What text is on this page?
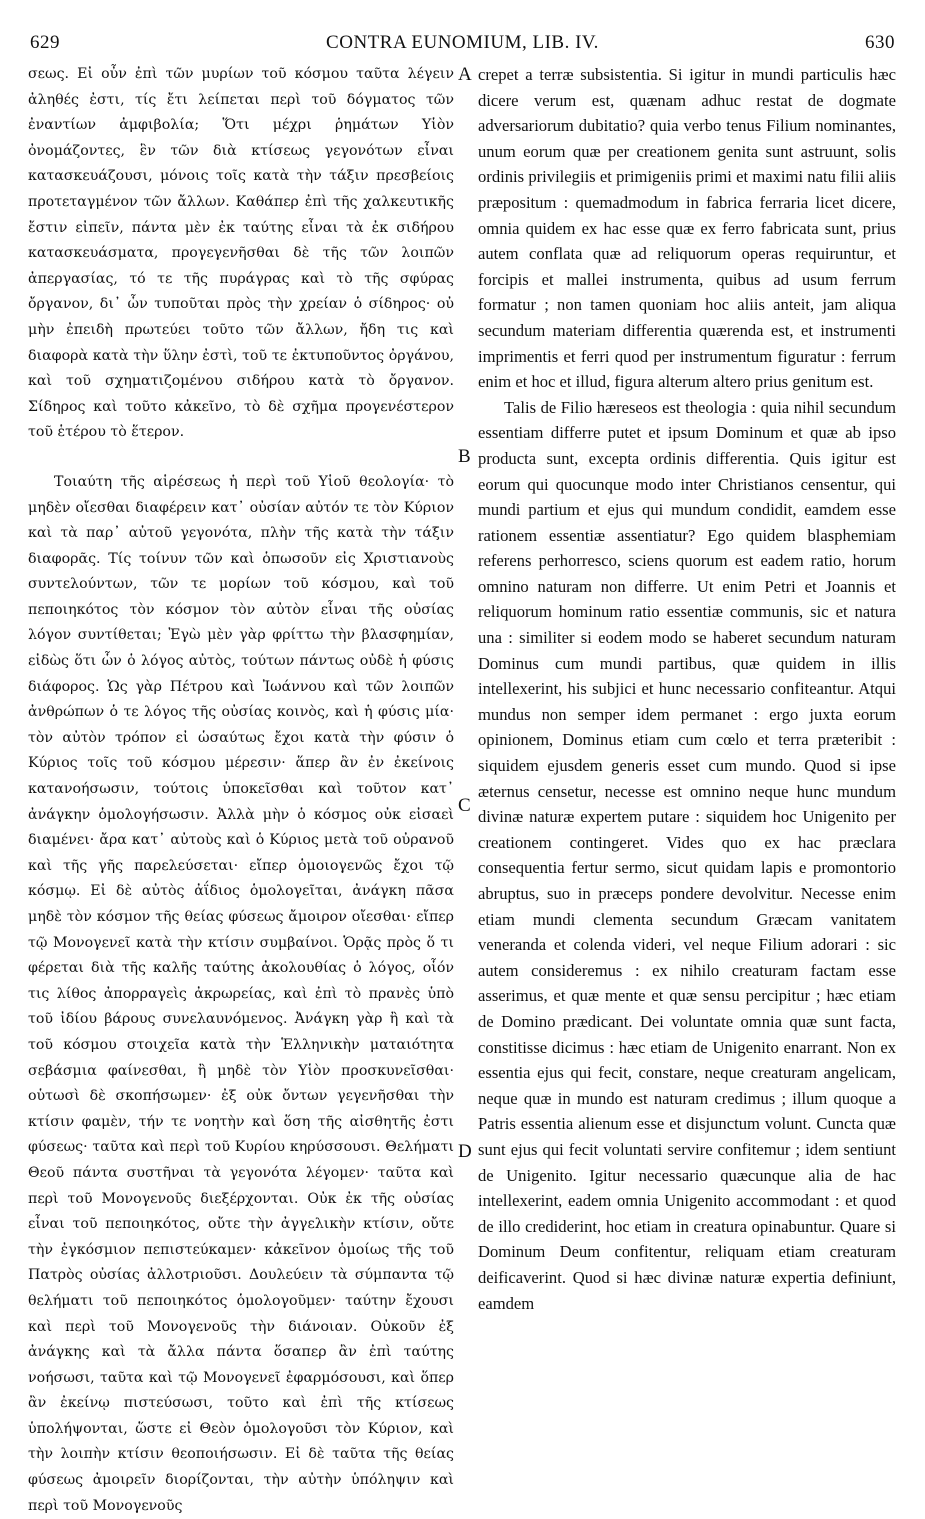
629	CONTRA EUNOMIUM, LIB. IV.	630

σεως. Εἰ οὖν ἐπὶ τῶν μυρίων τοῦ κόσμου ταῦτα λέγειν ἀληθές ἐστι, τίς ἔτι λείπεται περὶ τοῦ δόγματος τῶν ἐναντίων ἀμφιβολία; Ὅτι μέχρι ῥημάτων Υἱὸν ὀνομάζοντες, ἓν τῶν διὰ κτίσεως γεγονότων εἶναι κατασκευάζουσι, μόνοις τοῖς κατὰ τὴν τάξιν πρεσβείοις προτεταγμένον τῶν ἄλλων. Καθάπερ ἐπὶ τῆς χαλκευτικῆς ἔστιν εἰπεῖν, πάντα μὲν ἐκ ταύτης εἶναι τὰ ἐκ σιδήρου κατασκευάσματα, προγεγενῆσθαι δὲ τῆς τῶν λοιπῶν ἀπεργασίας, τό τε τῆς πυράγρας καὶ τὸ τῆς σφύρας ὄργανον, δι᾽ ὧν τυποῦται πρὸς τὴν χρείαν ὁ σίδηρος· οὐ μὴν ἐπειδὴ πρωτεύει τοῦτο τῶν ἄλλων, ἤδη τις καὶ διαφορὰ κατὰ τὴν ὕλην ἐστὶ, τοῦ τε ἐκτυποῦντος ὀργάνου, καὶ τοῦ σχηματιζομένου σιδήρου κατὰ τὸ ὄργανον. Σίδηρος καὶ τοῦτο κἀκεῖνο, τὸ δὲ σχῆμα προγενέστερον τοῦ ἑτέρου τὸ ἕτερον.

Τοιαύτη τῆς αἱρέσεως ἡ περὶ τοῦ Υἱοῦ θεολογία· τὸ μηδὲν οἴεσθαι διαφέρειν κατ᾽ οὐσίαν αὐτόν τε τὸν Κύριον καὶ τὰ παρ᾽ αὐτοῦ γεγονότα, πλὴν τῆς κατὰ τὴν τάξιν διαφορᾶς. Τίς τοίνυν τῶν καὶ ὁπωσοῦν εἰς Χριστιανοὺς συντελούντων, τῶν τε μορίων τοῦ κόσμου, καὶ τοῦ πεποιηκότος τὸν κόσμον τὸν αὐτὸν εἶναι τῆς οὐσίας λόγον συντίθεται; Ἐγὼ μὲν γὰρ φρίττω τὴν βλασφημίαν, εἰδὼς ὅτι ὧν ὁ λόγος αὐτὸς, τούτων πάντως οὐδὲ ἡ φύσις διάφορος. Ὡς γὰρ Πέτρου καὶ Ἰωάννου καὶ τῶν λοιπῶν ἀνθρώπων ὁ τε λόγος τῆς οὐσίας κοινὸς, καὶ ἡ φύσις μία· τὸν αὐτὸν τρόπον εἰ ὡσαύτως ἔχοι κατὰ τὴν φύσιν ὁ Κύριος τοῖς τοῦ κόσμου μέρεσιν· ἅπερ ἂν ἐν ἐκείνοις κατανοήσωσιν, τούτοις ὑποκεῖσθαι καὶ τοῦτον κατ᾽ ἀνάγκην ὁμολογήσωσιν. Ἀλλὰ μὴν ὁ κόσμος οὐκ εἰσαεὶ διαμένει· ἄρα κατ᾽ αὐτοὺς καὶ ὁ Κύριος μετὰ τοῦ οὐρανοῦ καὶ τῆς γῆς παρελεύσεται· εἴπερ ὁμοιογενῶς ἔχοι τῷ κόσμῳ. Εἰ δὲ αὐτὸς ἀΐδιος ὁμολογεῖται, ἀνάγκη πᾶσα μηδὲ τὸν κόσμον τῆς θείας φύσεως ἄμοιρον οἴεσθαι· εἴπερ τῷ Μονογενεῖ κατὰ τὴν κτίσιν συμβαίνοι. Ὁρᾷς πρὸς ὅ τι φέρεται διὰ τῆς καλῆς ταύτης ἀκολουθίας ὁ λόγος, οἷόν τις λίθος ἀπορραγεὶς ἀκρωρείας, καὶ ἐπὶ τὸ πρανὲς ὑπὸ τοῦ ἰδίου βάρους συνελαυνόμενος. Ἀνάγκη γὰρ ἢ καὶ τὰ τοῦ κόσμου στοιχεῖα κατὰ τὴν Ἑλληνικὴν ματαιότητα σεβάσμια φαίνεσθαι, ἢ μηδὲ τὸν Υἱὸν προσκυνεῖσθαι· οὑτωσὶ δὲ σκοπήσωμεν· ἐξ οὐκ ὄντων γεγενῆσθαι τὴν κτίσιν φαμὲν, τήν τε νοητὴν καὶ ὅση τῆς αἰσθητῆς ἐστι φύσεως· ταῦτα καὶ περὶ τοῦ Κυρίου κηρύσσουσι. Θελήματι Θεοῦ πάντα συστῆναι τὰ γεγονότα λέγομεν· ταῦτα καὶ περὶ τοῦ Μονογενοῦς διεξέρχονται. Οὐκ ἐκ τῆς οὐσίας εἶναι τοῦ πεποιηκότος, οὔτε τὴν ἀγγελικὴν κτίσιν, οὔτε τὴν ἐγκόσμιον πεπιστεύκαμεν· κἀκεῖνον ὁμοίως τῆς τοῦ Πατρὸς οὐσίας ἀλλοτριοῦσι. Δουλεύειν τὰ σύμπαντα τῷ θελήματι τοῦ πεποιηκότος ὁμολογοῦμεν· ταύτην ἔχουσι καὶ περὶ τοῦ Μονογενοῦς τὴν διάνοιαν. Οὐκοῦν ἐξ ἀνάγκης καὶ τὰ ἄλλα πάντα ὅσαπερ ἂν ἐπὶ ταύτης νοήσωσι, ταῦτα καὶ τῷ Μονογενεῖ ἐφαρμόσουσι, καὶ ὅπερ ἂν ἐκείνῳ πιστεύσωσι, τοῦτο καὶ ἐπὶ τῆς κτίσεως ὑπολήψονται, ὥστε εἰ Θεὸν ὁμολογοῦσι τὸν Κύριον, καὶ τὴν λοιπὴν κτίσιν θεοποιήσωσιν. Εἰ δὲ ταῦτα τῆς θείας φύσεως ἀμοιρεῖν διορίζονται, τὴν αὐτὴν ὑπόληψιν καὶ περὶ τοῦ Μονογενοῦς

crepet a terræ subsistentia. Si igitur in mundi particulis hæc dicere verum est, quænam adhuc restat de dogmate adversariorum dubitatio? quia verbo tenus Filium nominantes, unum eorum quæ per creationem genita sunt astruunt, solis ordinis privilegiis et primigeniis primi et maximi natu filii aliis præpositum : quemadmodum in fabrica ferraria licet dicere, omnia quidem ex hac esse quæ ex ferro fabricata sunt, prius autem conflata quæ ad reliquorum operas requiruntur, et forcipis et mallei instrumenta, quibus ad usum ferrum formatur ; non tamen quoniam hoc aliis anteit, jam aliqua secundum materiam differentia quærenda est, et instrumenti imprimentis et ferri quod per instrumentum figuratur : ferrum enim et hoc et illud, figura alterum altero prius genitum est.

Talis de Filio hæreseos est theologia : quia nihil secundum essentiam differre putet et ipsum Dominum et quæ ab ipso producta sunt, excepta ordinis differentia. Quis igitur est eorum qui quocunque modo inter Christianos censentur, qui mundi partium et ejus qui mundum condidit, eamdem esse rationem essentiæ assentiatur? Ego quidem blasphemiam referens perhorresco, sciens quorum est eadem ratio, horum omnino naturam non differre. Ut enim Petri et Joannis et reliquorum hominum ratio essentiæ communis, sic et natura una : similiter si eodem modo se haberet secundum naturam Dominus cum mundi partibus, quæ quidem in illis intellexerint, his subjici et hunc necessario confiteantur. Atqui mundus non semper idem permanet : ergo juxta eorum opinionem, Dominus etiam cum cœlo et terra præteribit : siquidem ejusdem generis esset cum mundo. Quod si ipse æternus censetur, necesse est omnino neque hunc mundum divinæ naturæ expertem putare : siquidem hoc Unigenito per creationem contingeret. Vides quo ex hac præclara consequentia fertur sermo, sicut quidam lapis e promontorio abruptus, suo in præceps pondere devolvitur. Necesse enim etiam mundi clementa secundum Græcam vanitatem veneranda et colenda videri, vel neque Filium adorari : sic autem consideremus : ex nihilo creaturam factam esse asserimus, et quæ mente et quæ sensu percipitur ; hæc etiam de Domino prædicant. Dei voluntate omnia quæ sunt facta, constitisse dicimus : hæc etiam de Unigenito enarrant. Non ex essentia ejus qui fecit, constare, neque creaturam angelicam, neque quæ in mundo est naturam credimus ; illum quoque a Patris essentia alienum esse et disjunctum volunt. Cuncta quæ sunt ejus qui fecit voluntati servire confitemur ; idem sentiunt de Unigenito. Igitur necessario quæcunque alia de hac intellexerint, eadem omnia Unigenito accommodant : et quod de illo crediderint, hoc etiam in creatura opinabuntur. Quare si Dominum Deum confitentur, reliquam etiam creaturam deificaverint. Quod si hæc divinæ naturæ expertia definiunt, eamdem

A
B
C
D
